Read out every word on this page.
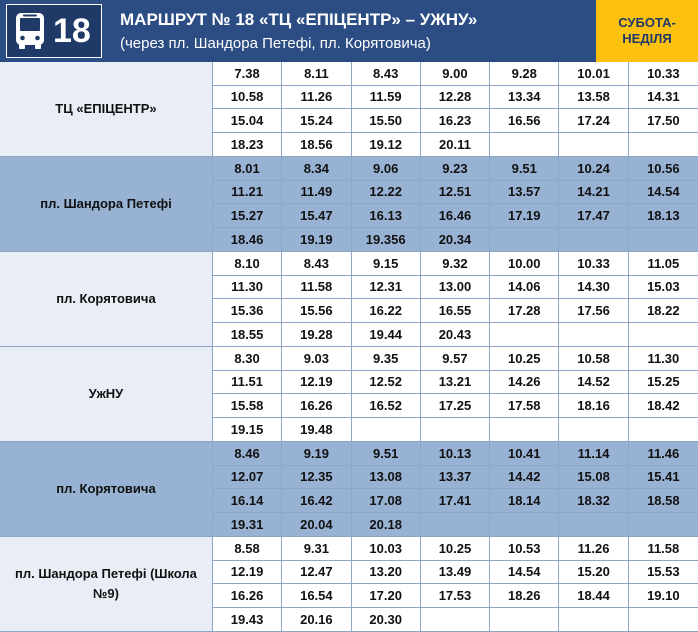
18 МАРШРУТ № 18 «ТЦ «ЕПІЦЕНТР» – УЖНУ»
(через пл. Шандора Петефі, пл. Корятовича)
СУБОТА-
НЕДІЛЯ
ТЦ «ЕПІЦЕНТР»
7.38	8.11	8.43	9.00	9.28	10.01	10.33
10.58	11.26	11.59	12.28	13.34	13.58	14.31
15.04	15.24	15.50	16.23	16.56	17.24	17.50
18.23	18.56	19.12	20.11
пл. Шандора Петефі
8.01	8.34	9.06	9.23	9.51	10.24	10.56
11.21	11.49	12.22	12.51	13.57	14.21	14.54
15.27	15.47	16.13	16.46	17.19	17.47	18.13
18.46	19.19	19.356	20.34
пл. Корятовича
8.10	8.43	9.15	9.32	10.00	10.33	11.05
11.30	11.58	12.31	13.00	14.06	14.30	15.03
15.36	15.56	16.22	16.55	17.28	17.56	18.22
18.55	19.28	19.44	20.43
УжНУ
8.30	9.03	9.35	9.57	10.25	10.58	11.30
11.51	12.19	12.52	13.21	14.26	14.52	15.25
15.58	16.26	16.52	17.25	17.58	18.16	18.42
19.15	19.48
пл. Корятовича
8.46	9.19	9.51	10.13	10.41	11.14	11.46
12.07	12.35	13.08	13.37	14.42	15.08	15.41
16.14	16.42	17.08	17.41	18.14	18.32	18.58
19.31	20.04	20.18
пл. Шандора Петефі (Школа №9)
8.58	9.31	10.03	10.25	10.53	11.26	11.58
12.19	12.47	13.20	13.49	14.54	15.20	15.53
16.26	16.54	17.20	17.53	18.26	18.44	19.10
19.43	20.16	20.30
